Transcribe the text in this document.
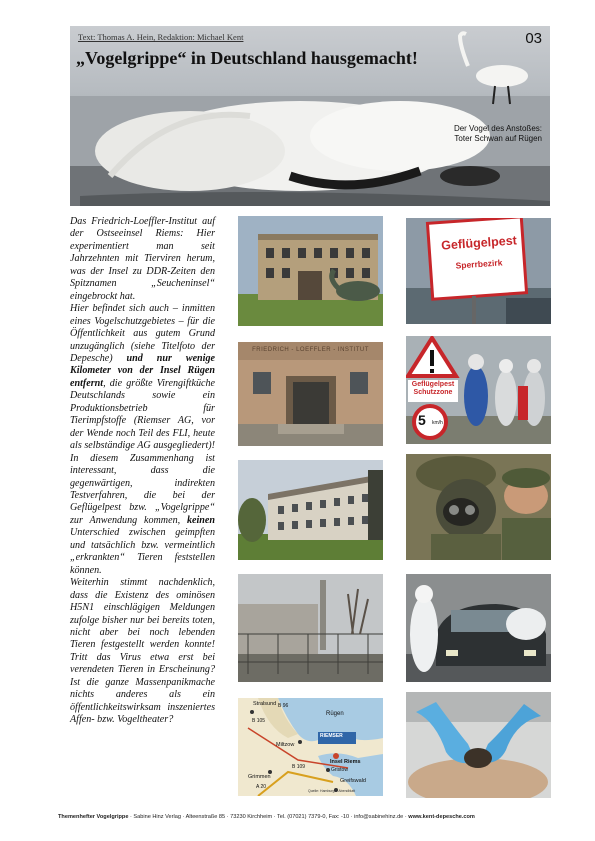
Text: Thomas A. Hein, Redaktion: Michael Kent	03
„Vogelgrippe“ in Deutschland hausgemacht!
Der Vogel des Anstoßes:
Toter Schwan auf Rügen

Das Friedrich-Loeffler-Institut auf der Ostseeinsel Riems: Hier experimentiert man seit Jahrzehnten mit Tierviren herum, was der Insel zu DDR-Zeiten den Spitznamen „Seucheninsel“ eingebrockt hat.

Hier befindet sich auch – inmitten eines Vogelschutzgebietes – für die Öffentlichkeit aus gutem Grund unzugänglich (siehe Titelfoto der Depesche) und nur wenige Kilometer von der Insel Rügen entfernt, die größte Virengiftküche Deutschlands sowie ein Produktionsbetrieb für Tierimpfstoffe (Riemser AG, vor der Wende noch Teil des FLI, heute als selbständige AG ausgegliedert)! In diesem Zusammenhang ist interessant, dass die gegenwärtigen, indirekten Testverfahren, die bei der Geflügelpest bzw. „Vogelgrippe“ zur Anwendung kommen, keinen Unterschied zwischen geimpften und tatsächlich bzw. vermeintlich „erkrankten“ Tieren feststellen können.

Weiterhin stimmt nachdenklich, dass die Existenz des ominösen H5N1 einschlägigen Meldungen zufolge bisher nur bei bereits toten, nicht aber bei noch lebenden Tieren festgestellt werden konnte! Tritt das Virus etwa erst bei verendeten Tieren in Erscheinung? Ist die ganze Massenpanikmache nichts anderes als ein öffentlichkeitswirksam inszeniertes Affen- bzw. Vogeltheater?

FRIEDRICH - LOEFFLER - INSTITUT
Stralsund B 96
Rügen
B 105
RIEMSER
Miltzow
Insel Riems
Gristow
Grimmen
Greifswald
A 20
B 109
Quelle: Hamburger Abendblatt
Geflügelpest
Sperrbezirk
Geflügelpest
Schutzzone
5 km/h
Themenhefter Vogelgrippe · Sabine Hinz Verlag · Alteenstraße 85 · 73230 Kirchheim · Tel. (07021) 7379-0, Fax: -10 · info@sabinehinz.de · www.kent-depesche.com
